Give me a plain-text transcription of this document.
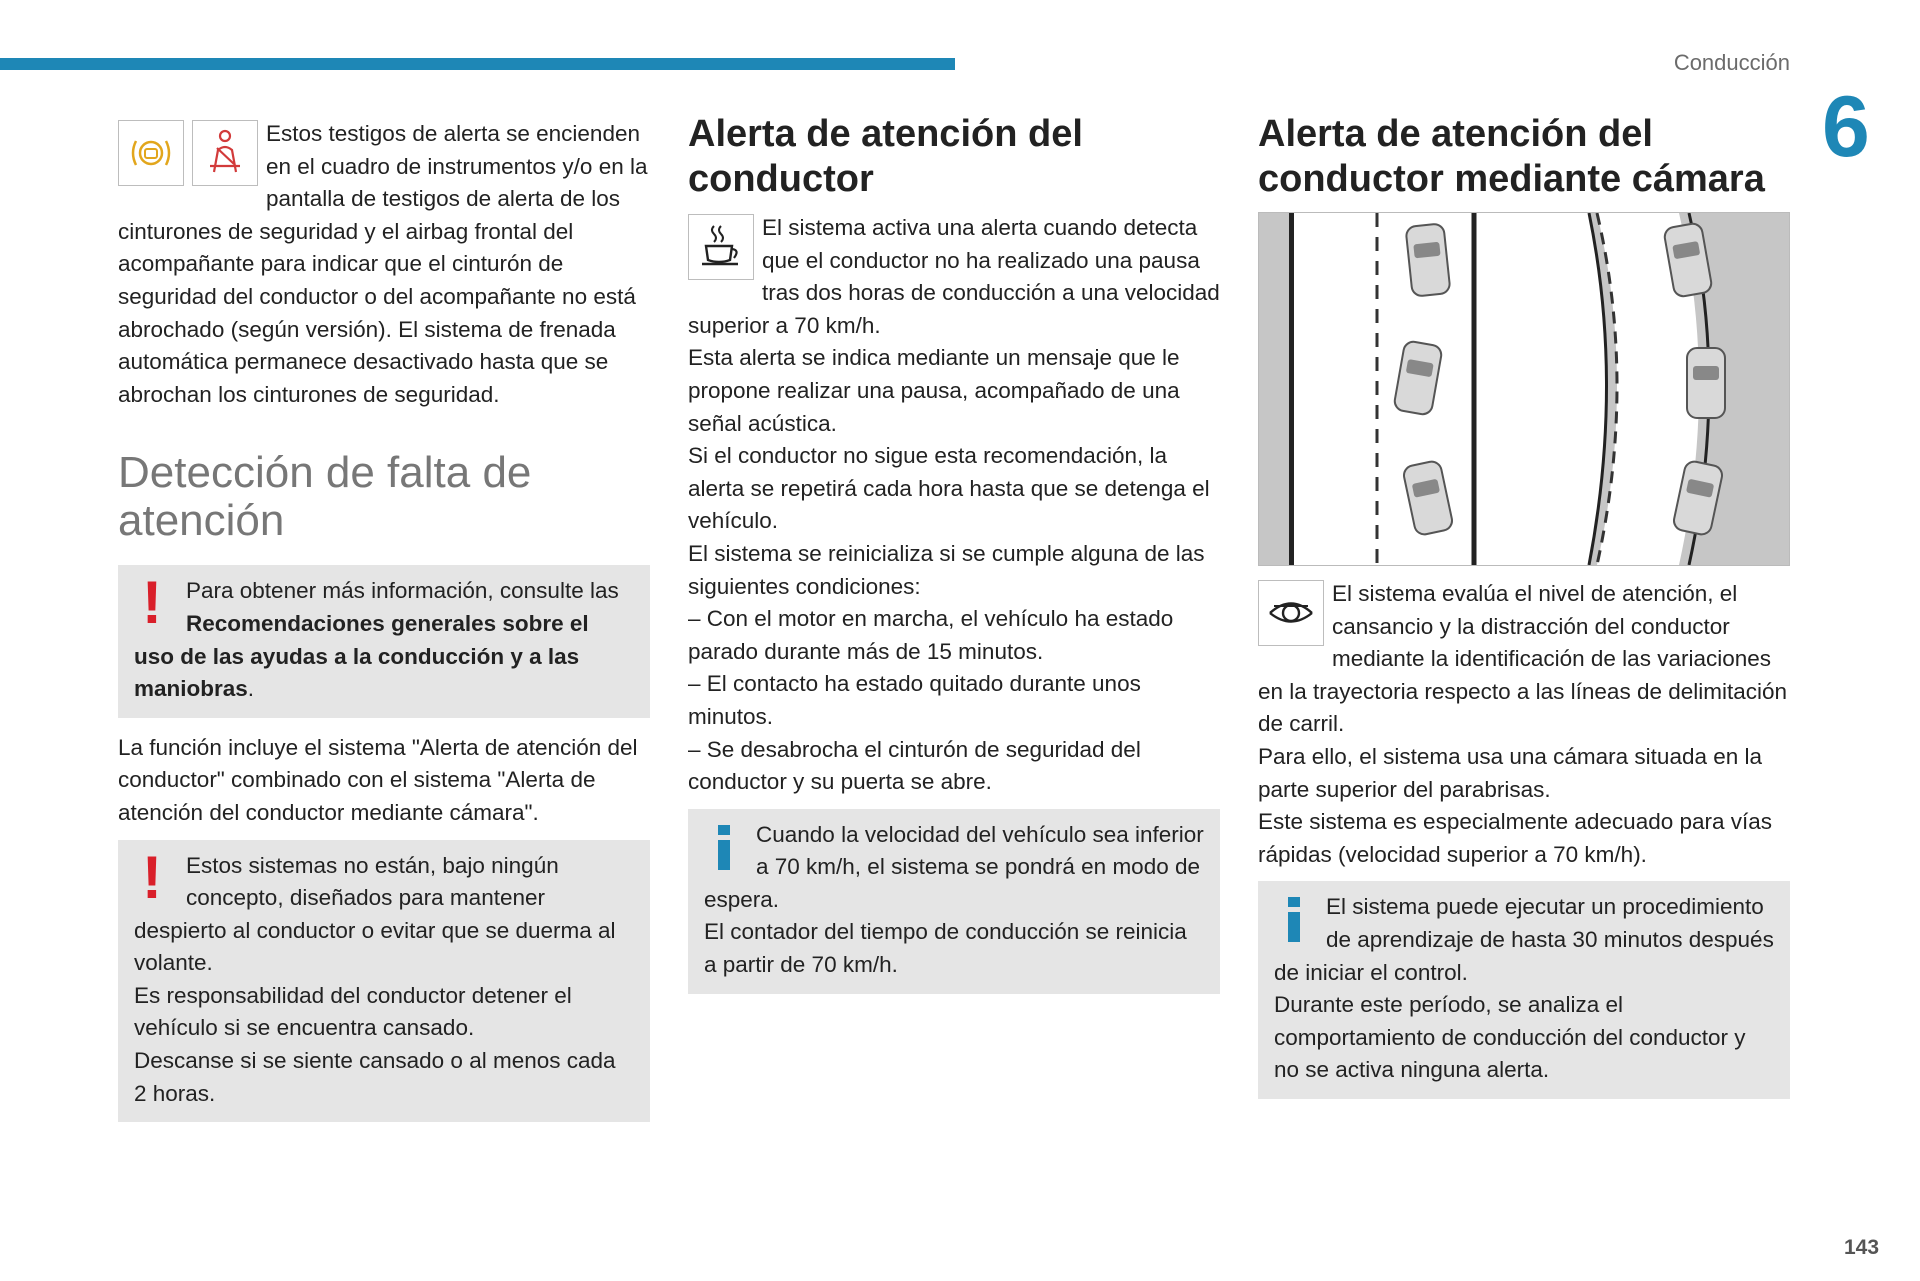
Conducción
6

Estos testigos de alerta se encienden en el cuadro de instrumentos y/o en la pantalla de testigos de alerta de los cinturones de seguridad y el airbag frontal del acompañante para indicar que el cinturón de seguridad del conductor o del acompañante no está abrochado (según versión). El sistema de frenada automática permanece desactivado hasta que se abrochan los cinturones de seguridad.

Detección de falta de atención
!	Para obtener más información, consulte las Recomendaciones generales sobre el uso de las ayudas a la conducción y a las maniobras.

La función incluye el sistema "Alerta de atención del conductor" combinado con el sistema "Alerta de atención del conductor mediante cámara".

!	Estos sistemas no están, bajo ningún concepto, diseñados para mantener despierto al conductor o evitar que se duerma al volante.

Es responsabilidad del conductor detener el vehículo si se encuentra cansado.

Descanse si se siente cansado o al menos cada 2 horas.

Alerta de atención del conductor

El sistema activa una alerta cuando detecta que el conductor no ha realizado una pausa tras dos horas de conducción a una velocidad superior a 70 km/h.

Esta alerta se indica mediante un mensaje que le propone realizar una pausa, acompañado de una señal acústica.

Si el conductor no sigue esta recomendación, la alerta se repetirá cada hora hasta que se detenga el vehículo.

El sistema se reinicializa si se cumple alguna de las siguientes condiciones:

– Con el motor en marcha, el vehículo ha estado parado durante más de 15 minutos.

– El contacto ha estado quitado durante unos minutos.

– Se desabrocha el cinturón de seguridad del conductor y su puerta se abre.

Cuando la velocidad del vehículo sea inferior a 70 km/h, el sistema se pondrá en modo de espera.

El contador del tiempo de conducción se reinicia a partir de 70 km/h.

Alerta de atención del conductor mediante cámara

El sistema evalúa el nivel de atención, el cansancio y la distracción del conductor mediante la identificación de las variaciones en la trayectoria respecto a las líneas de delimitación de carril.

Para ello, el sistema usa una cámara situada en la parte superior del parabrisas.

Este sistema es especialmente adecuado para vías rápidas (velocidad superior a 70 km/h).

El sistema puede ejecutar un procedimiento de aprendizaje de hasta 30 minutos después de iniciar el control.

Durante este período, se analiza el comportamiento de conducción del conductor y no se activa ninguna alerta.

143
